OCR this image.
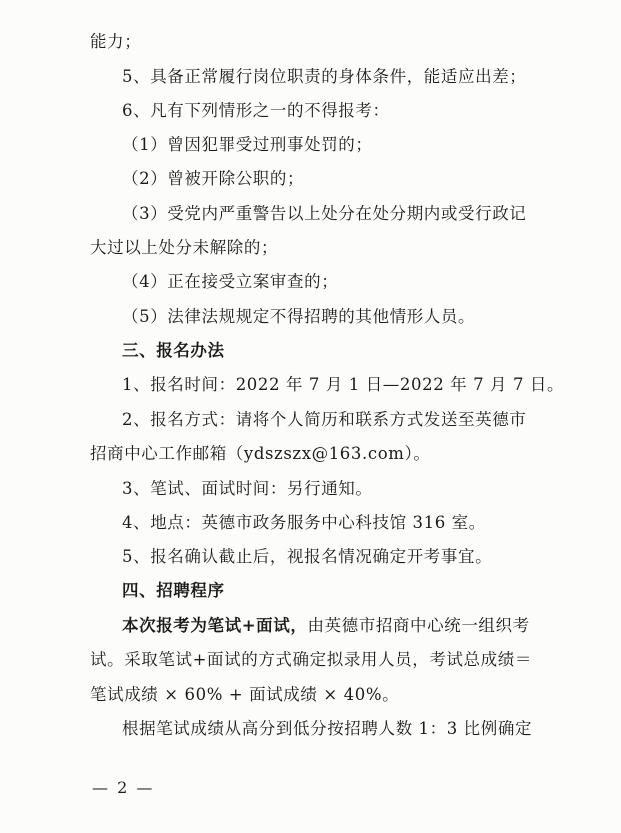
能力；
5、具备正常履行岗位职责的身体条件，能适应出差；
6、凡有下列情形之一的不得报考：
（1）曾因犯罪受过刑事处罚的；
（2）曾被开除公职的；
（3）受党内严重警告以上处分在处分期内或受行政记
大过以上处分未解除的；
（4）正在接受立案审查的；
（5）法律法规规定不得招聘的其他情形人员。
三、报名办法
1、报名时间：2022 年 7 月 1 日—2022 年 7 月 7 日。
2、报名方式：请将个人简历和联系方式发送至英德市
招商中心工作邮箱（ydszszx@163.com）。
3、笔试、面试时间：另行通知。
4、地点：英德市政务服务中心科技馆 316 室。
5、报名确认截止后，视报名情况确定开考事宜。
四、招聘程序
本次报考为笔试+面试，由英德市招商中心统一组织考
试。采取笔试+面试的方式确定拟录用人员，考试总成绩＝
笔试成绩 × 60% + 面试成绩 × 40%。
根据笔试成绩从高分到低分按招聘人数 1：3 比例确定
— 2 —
